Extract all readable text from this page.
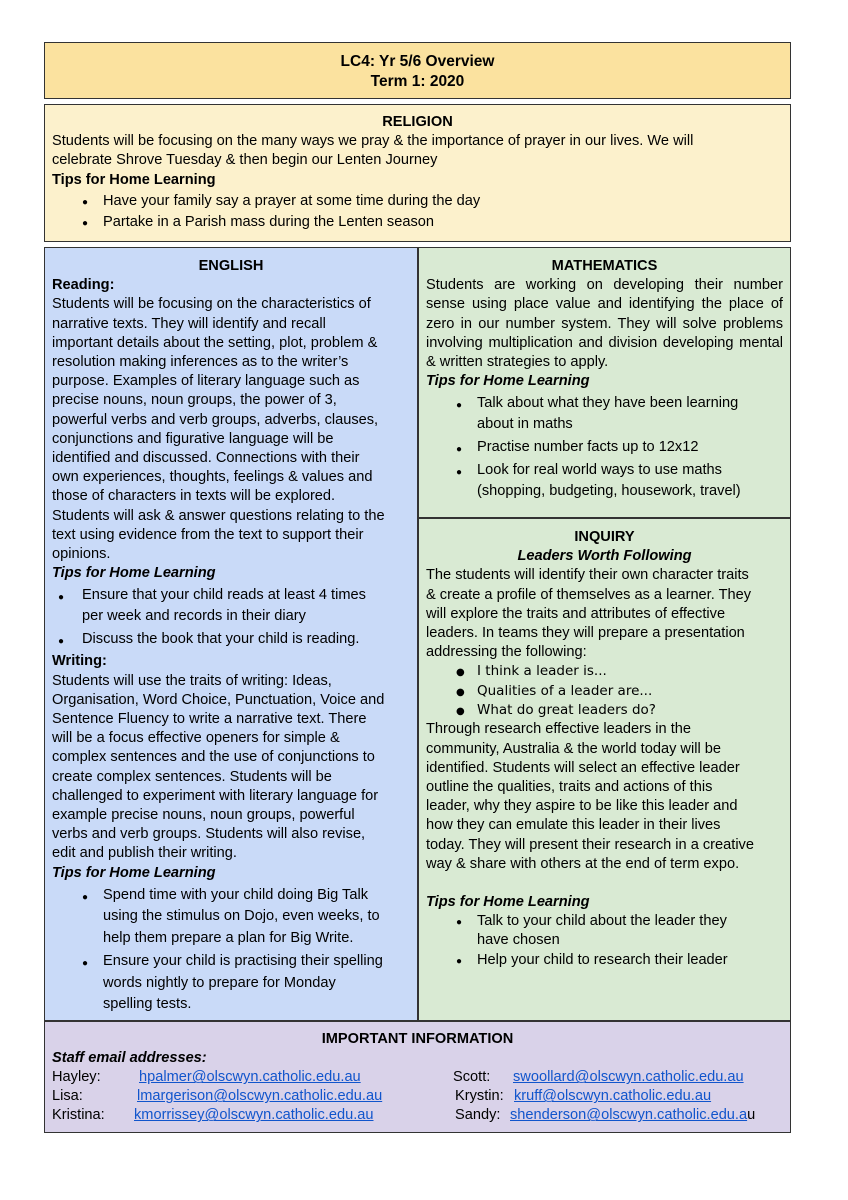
LC4: Yr 5/6 Overview
Term 1: 2020
RELIGION
Students will be focusing on the many ways we pray & the importance of prayer in our lives. We will
celebrate Shrove Tuesday & then begin our Lenten Journey
Tips for Home Learning
● Have your family say a prayer at some time during the day
● Partake in a Parish mass during the Lenten season
ENGLISH
Reading:
Students will be focusing on the characteristics of
narrative texts. They will identify and recall
important details about the setting, plot, problem &
resolution making inferences as to the writer’s
purpose. Examples of literary language such as
precise nouns, noun groups, the power of 3,
powerful verbs and verb groups, adverbs, clauses,
conjunctions and figurative language will be
identified and discussed. Connections with their
own experiences, thoughts, feelings & values and
those of characters in texts will be explored.
Students will ask & answer questions relating to the
text using evidence from the text to support their
opinions.
Tips for Home Learning
● Ensure that your child reads at least 4 times
per week and records in their diary
● Discuss the book that your child is reading.
Writing:
Students will use the traits of writing: Ideas,
Organisation, Word Choice, Punctuation, Voice and
Sentence Fluency to write a narrative text. There
will be a focus effective openers for simple &
complex sentences and the use of conjunctions to
create complex sentences. Students will be
challenged to experiment with literary language for
example precise nouns, noun groups, powerful
verbs and verb groups. Students will also revise,
edit and publish their writing.
Tips for Home Learning
● Spend time with your child doing Big Talk
using the stimulus on Dojo, even weeks, to
help them prepare a plan for Big Write.
● Ensure your child is practising their spelling
words nightly to prepare for Monday
spelling tests.
MATHEMATICS
Students are working on developing their number sense using place value and identifying the place of zero in our number system. They will solve problems involving multiplication and division developing mental & written strategies to apply.
Tips for Home Learning
● Talk about what they have been learning
about in maths
● Practise number facts up to 12x12
● Look for real world ways to use maths
(shopping, budgeting, housework, travel)
INQUIRY
Leaders Worth Following
The students will identify their own character traits
& create a profile of themselves as a learner. They
will explore the traits and attributes of effective
leaders. In teams they will prepare a presentation
addressing the following:
● I think a leader is...
● Qualities of a leader are...
● What do great leaders do?
Through research effective leaders in the
community, Australia & the world today will be
identified. Students will select an effective leader
outline the qualities, traits and actions of this
leader, why they aspire to be like this leader and
how they can emulate this leader in their lives
today. They will present their research in a creative
way & share with others at the end of term expo.
Tips for Home Learning
● Talk to your child about the leader they
have chosen
● Help your child to research their leader
IMPORTANT INFORMATION
Staff email addresses:
Hayley:	hpalmer@olscwyn.catholic.edu.au	Scott: swoollard@olscwyn.catholic.edu.au
Lisa:	lmargerison@olscwyn.catholic.edu.au	Krystin: kruff@olscwyn.catholic.edu.au
Kristina: kmorrissey@olscwyn.catholic.edu.au	Sandy: shenderson@olscwyn.catholic.edu.au
